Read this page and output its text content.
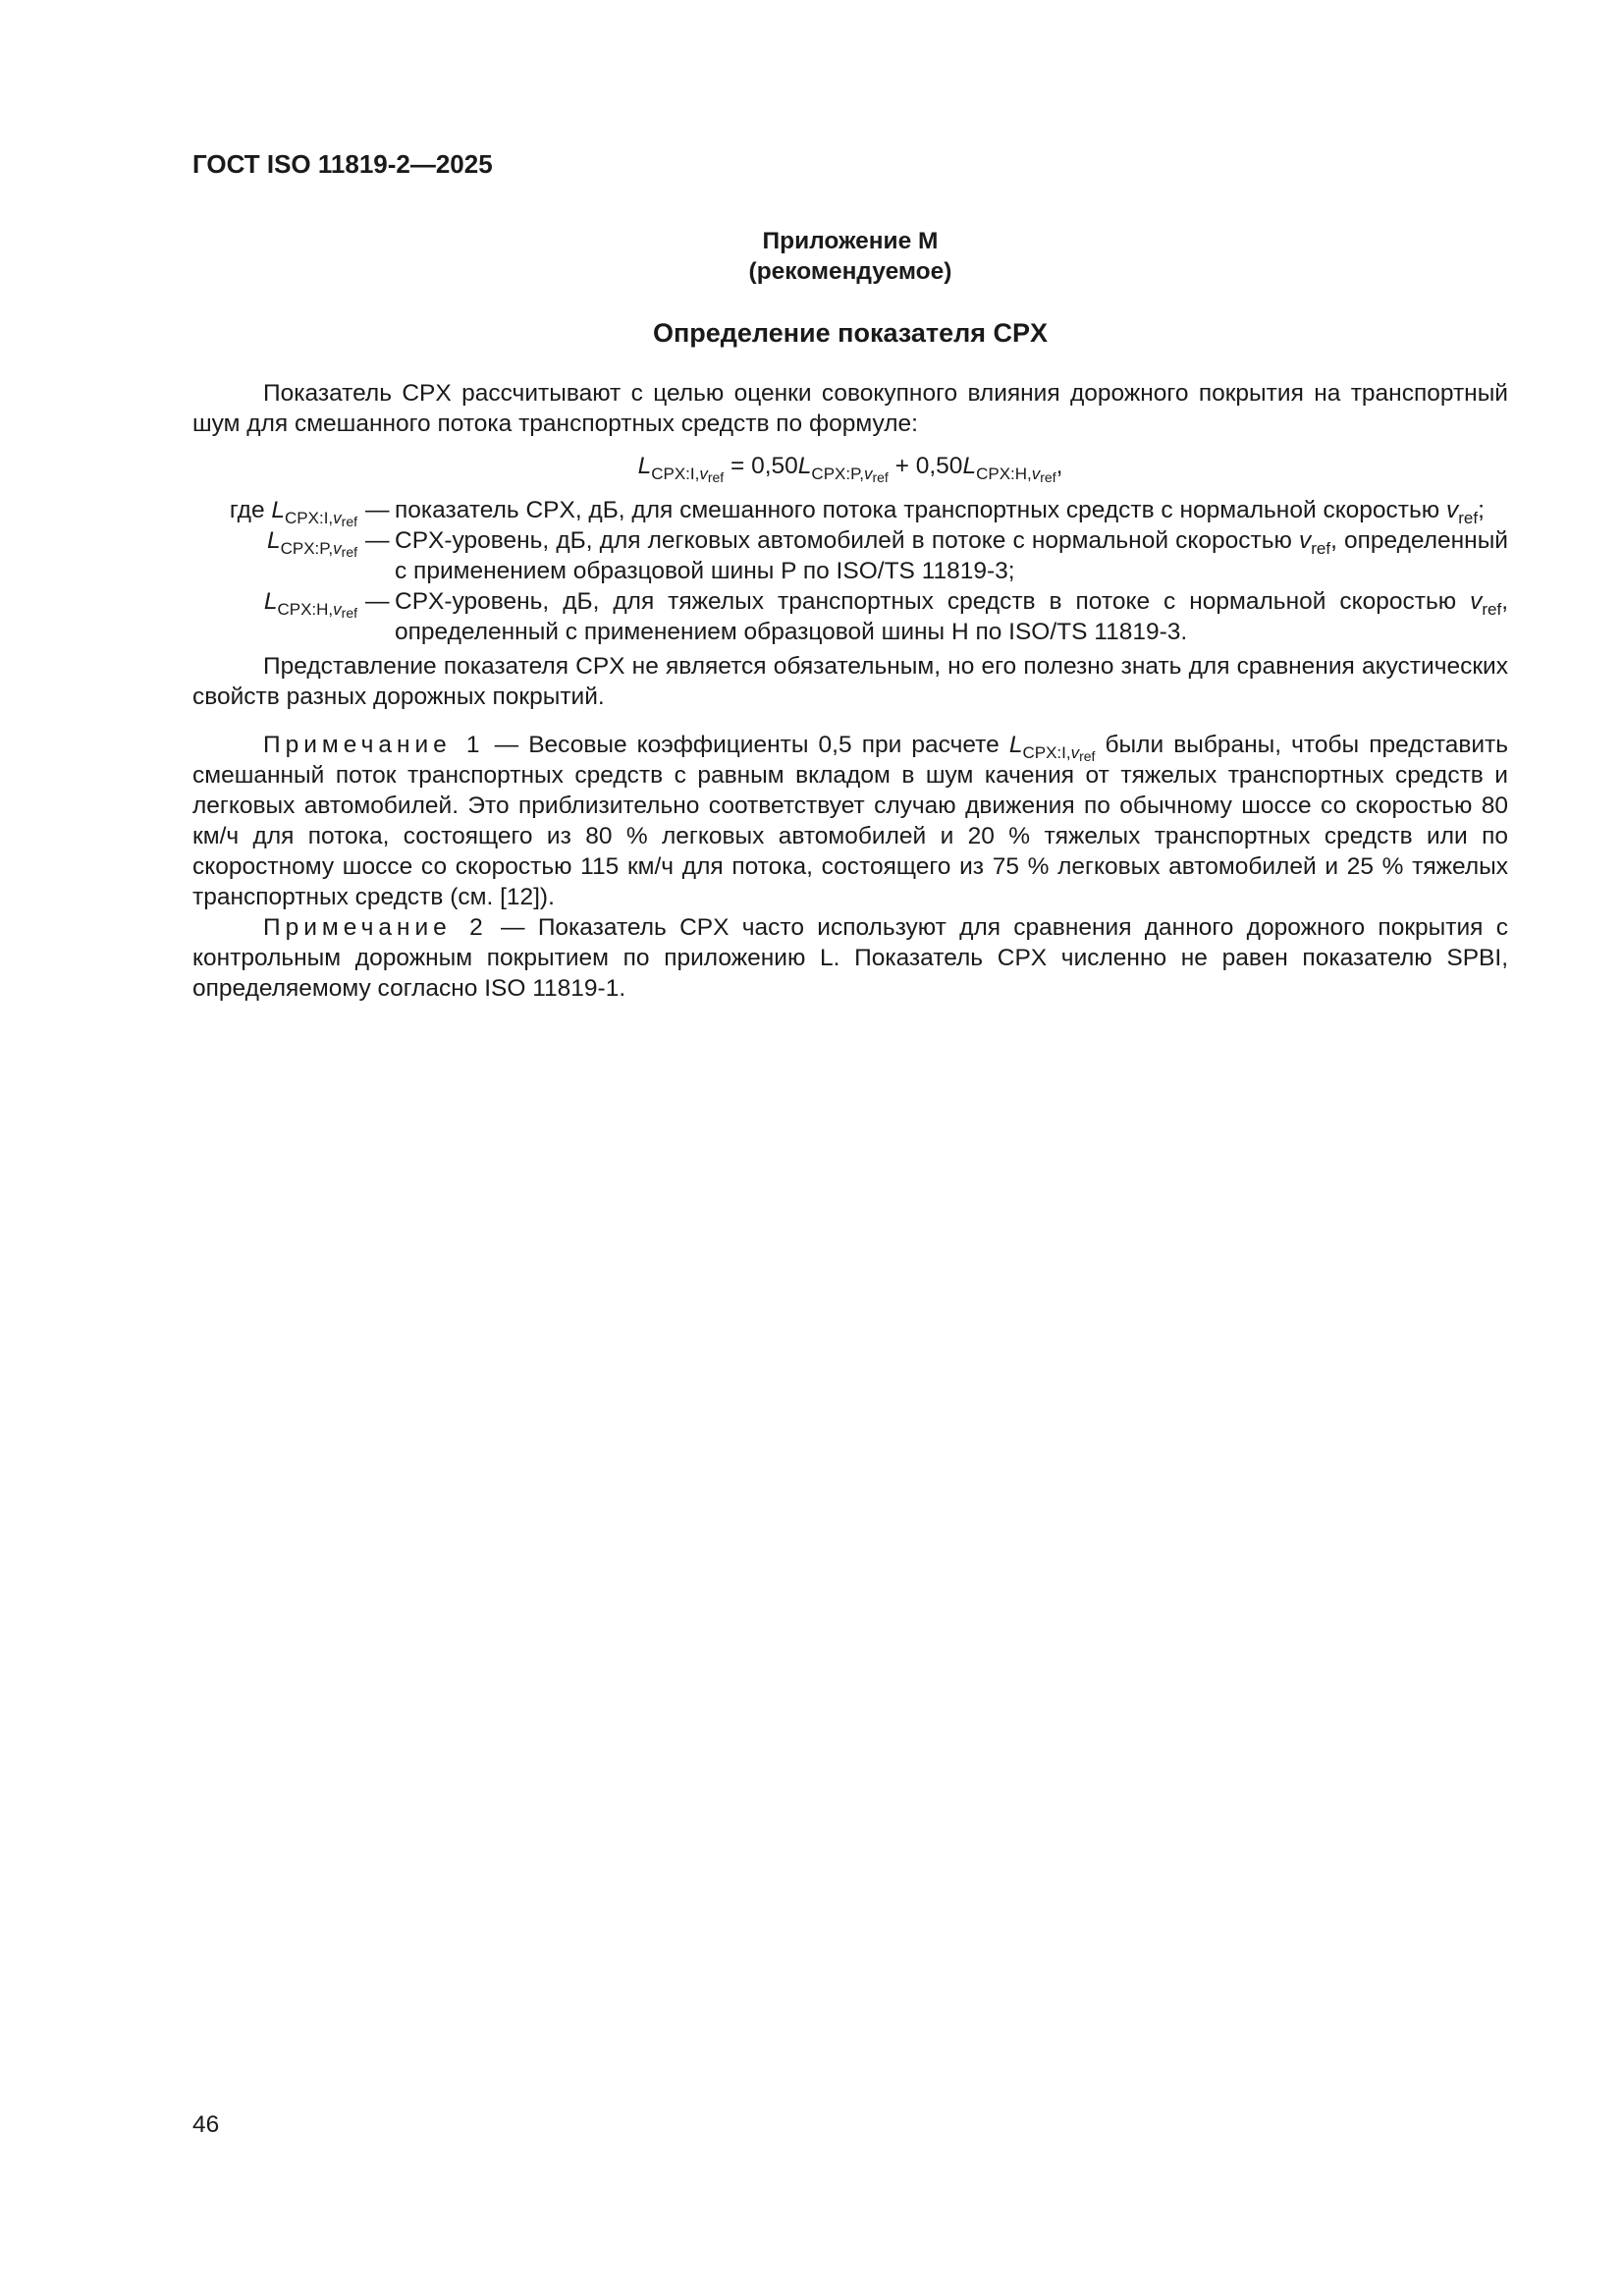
ГОСТ ISO 11819-2—2025
Приложение М
(рекомендуемое)
Определение показателя CPX

Показатель CPX рассчитывают с целью оценки совокупного влияния дорожного покрытия на транспортный шум для смешанного потока транспортных средств по формуле:

$L_{CPX:I,v_{ref}} = 0,50L_{CPX:P,v_{ref}} + 0,50L_{CPX:H,v_{ref}}$,
где $L_{CPX:I,v_{ref}}$	—	показатель CPX, дБ, для смешанного потока транспортных средств с нормальной скоростью $v_{ref}$;
$L_{CPX:P,v_{ref}}$	—	CPX-уровень, дБ, для легковых автомобилей в потоке с нормальной скоростью $v_{ref}$, определенный с применением образцовой шины P по ISO/TS 11819-3;
$L_{CPX:H,v_{ref}}$	—	CPX-уровень, дБ, для тяжелых транспортных средств в потоке с нормальной скоростью $v_{ref}$, определенный с применением образцовой шины H по ISO/TS 11819-3.

Представление показателя CPX не является обязательным, но его полезно знать для сравнения акустических свойств разных дорожных покрытий.

Примечание 1 — Весовые коэффициенты 0,5 при расчете $L_{CPX:I,v_{ref}}$ были выбраны, чтобы представить смешанный поток транспортных средств с равным вкладом в шум качения от тяжелых транспортных средств и легковых автомобилей. Это приблизительно соответствует случаю движения по обычному шоссе со скоростью 80 км/ч для потока, состоящего из 80 % легковых автомобилей и 20 % тяжелых транспортных средств или по скоростному шоссе со скоростью 115 км/ч для потока, состоящего из 75 % легковых автомобилей и 25 % тяжелых транспортных средств (см. [12]).

Примечание 2 — Показатель CPX часто используют для сравнения данного дорожного покрытия с контрольным дорожным покрытием по приложению L. Показатель CPX численно не равен показателю SPBI, определяемому согласно ISO 11819-1.

46
